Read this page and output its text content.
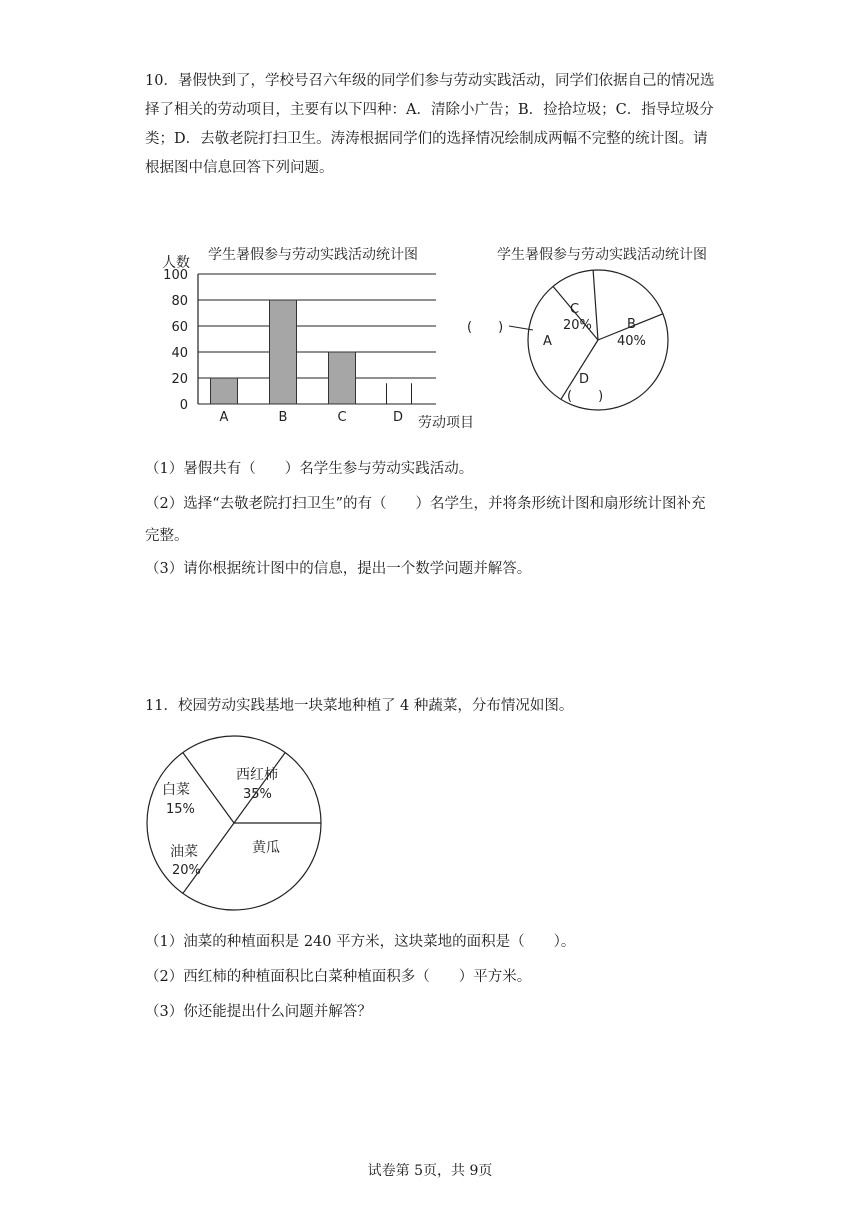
10．暑假快到了，学校号召六年级的同学们参与劳动实践活动，同学们依据自己的情况选择了相关的劳动项目，主要有以下四种：A．清除小广告；B．捡拾垃圾；C．指导垃圾分类；D．去敬老院打扫卫生。涛涛根据同学们的选择情况绘制成两幅不完整的统计图。请根据图中信息回答下列问题。

0
20
40
60
80
100
A	B	C	D
人数 学生暑假参与劳动实践活动统计图
劳动项目
学生暑假参与劳动实践活动统计图
(　　)
A
C
20%	B
40%
D
(　　)
（1）暑假共有（　　）名学生参与劳动实践活动。
（2）选择“去敬老院打扫卫生”的有（　　）名学生，并将条形统计图和扇形统计图补充
完整。
（3）请你根据统计图中的信息，提出一个数学问题并解答。
11．校园劳动实践基地一块菜地种植了 4 种蔬菜，分布情况如图。
西红柿
35%
白菜
15%
油菜
20%
黄瓜
（1）油菜的种植面积是 240 平方米，这块菜地的面积是（　　）。
（2）西红柿的种植面积比白菜种植面积多（　　）平方米。
（3）你还能提出什么问题并解答？
试卷第 5页，共 9页
